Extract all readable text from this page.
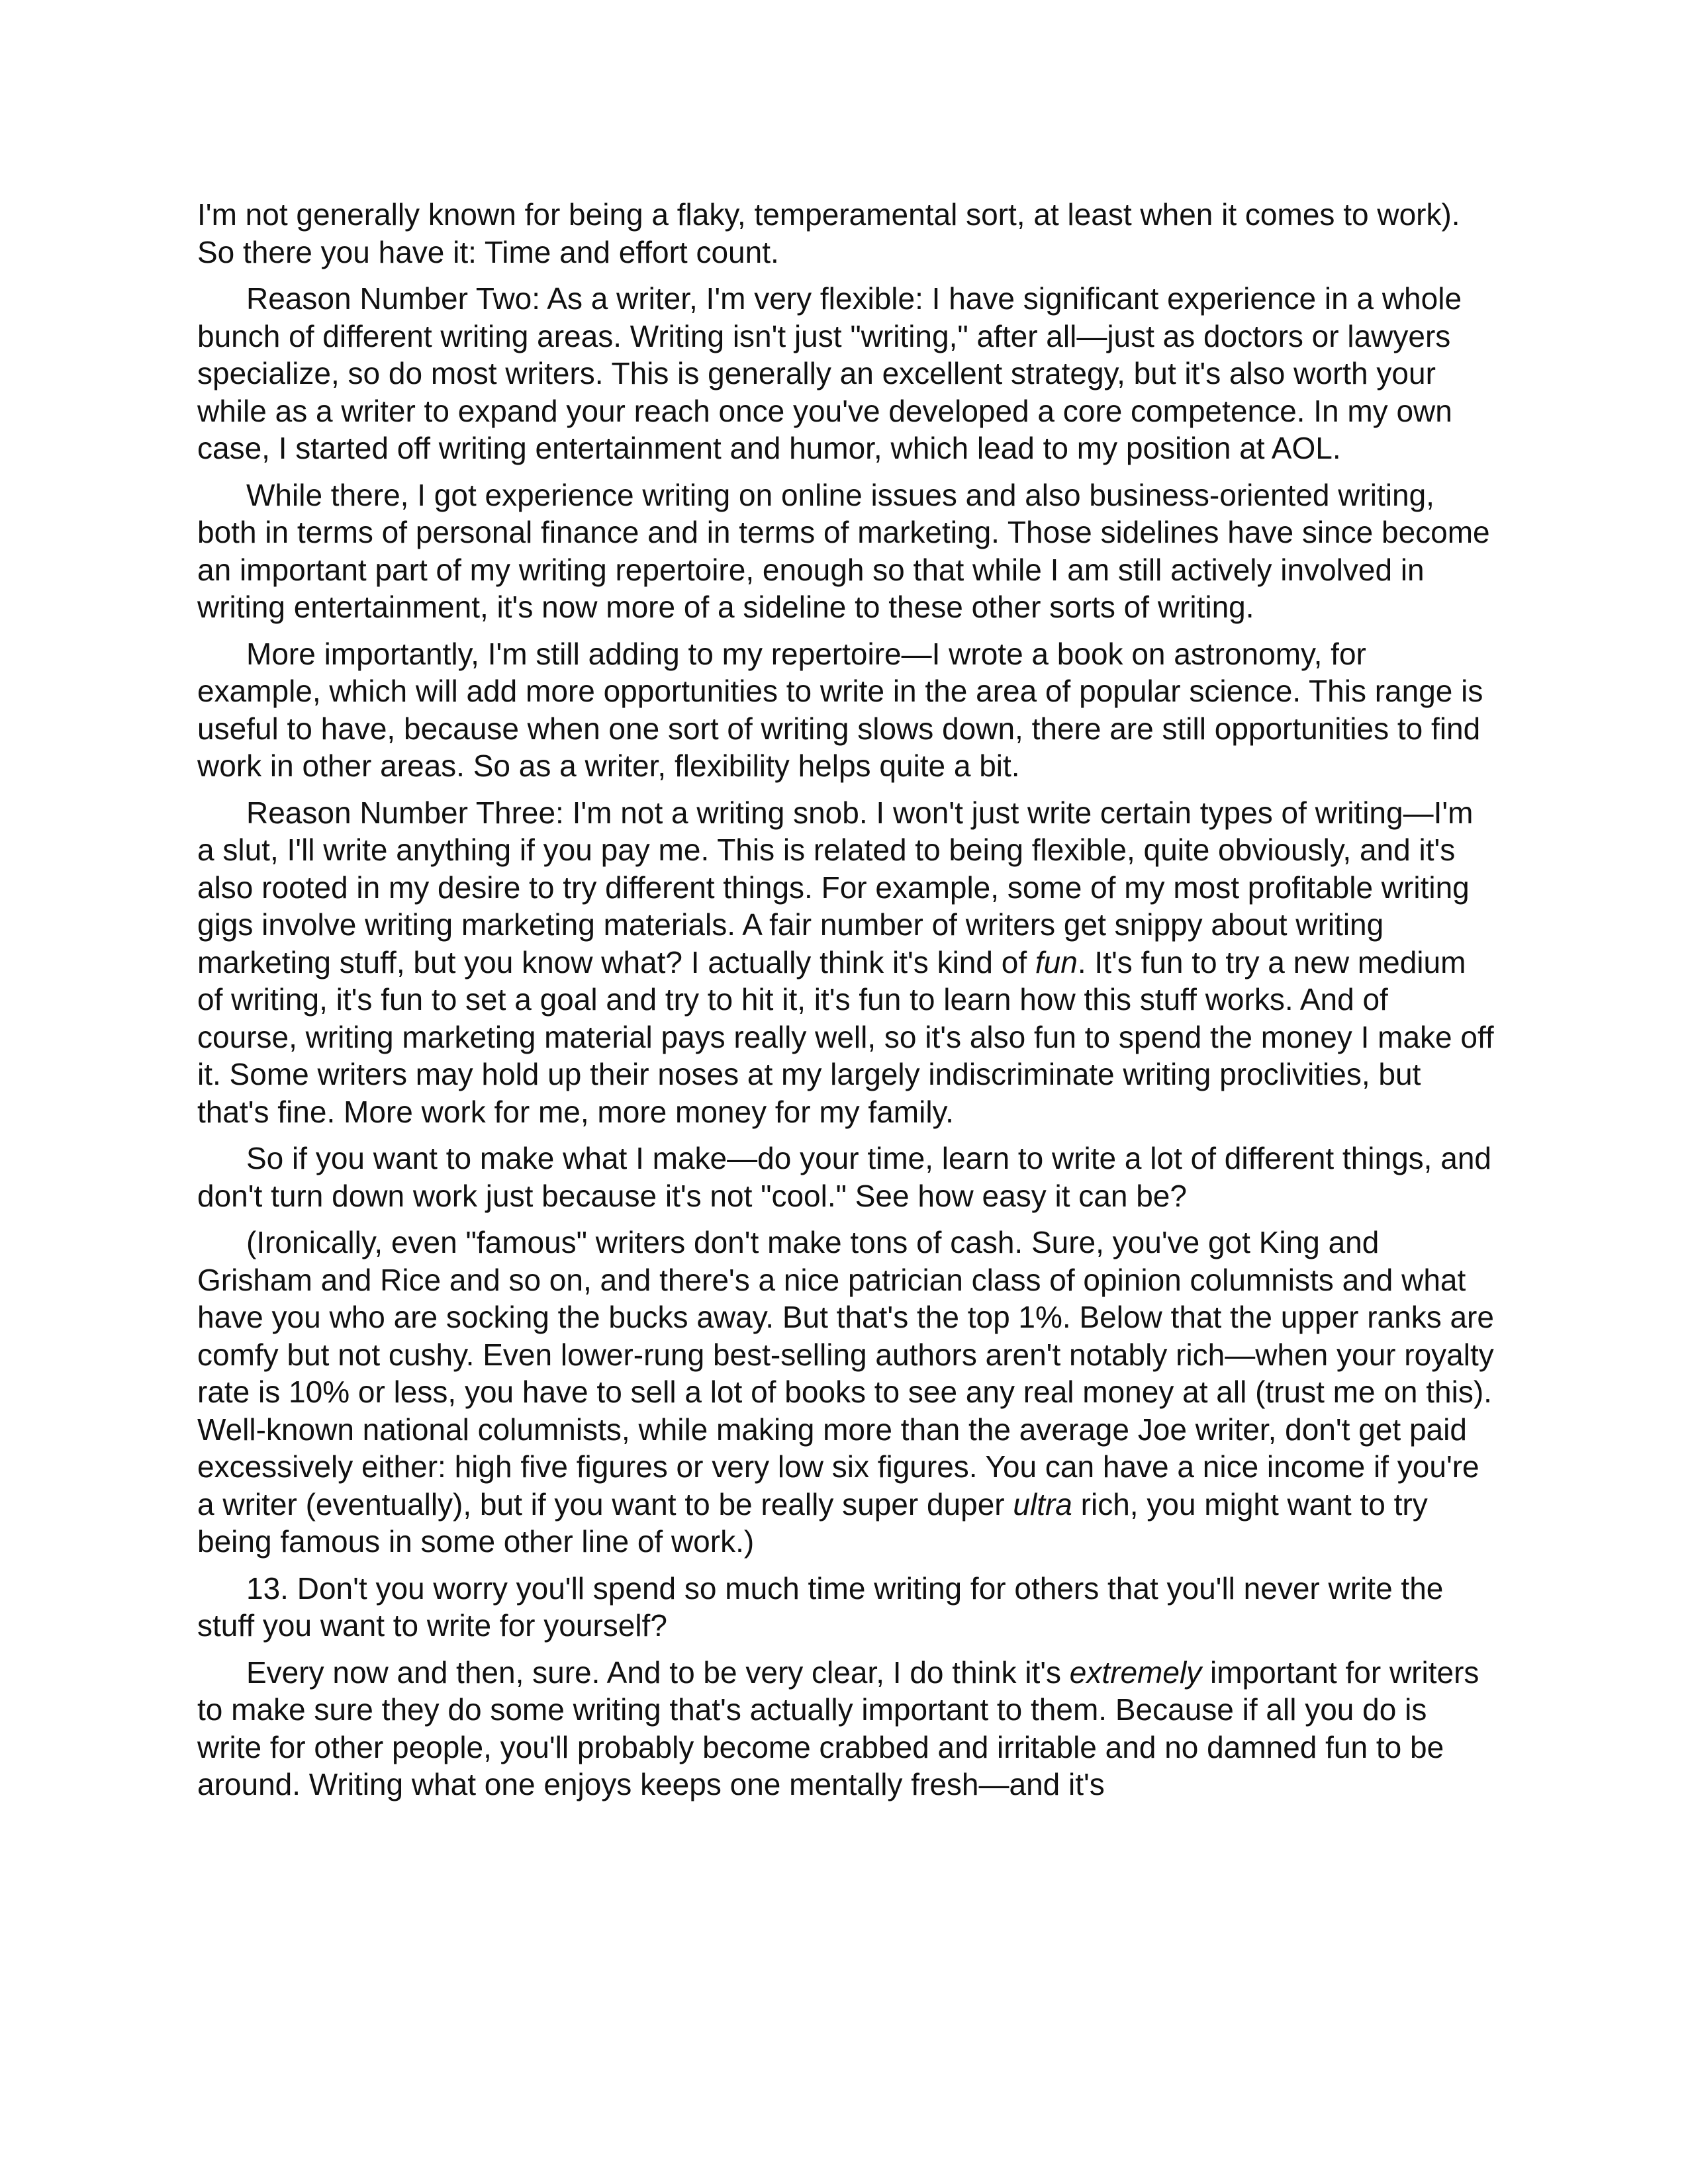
I'm not generally known for being a flaky, temperamental sort, at least when it comes to work). So there you have it: Time and effort count.

Reason Number Two: As a writer, I'm very flexible: I have significant experience in a whole bunch of different writing areas. Writing isn't just "writing," after all—just as doctors or lawyers specialize, so do most writers. This is generally an excellent strategy, but it's also worth your while as a writer to expand your reach once you've developed a core competence. In my own case, I started off writing entertainment and humor, which lead to my position at AOL.

While there, I got experience writing on online issues and also business-oriented writing, both in terms of personal finance and in terms of marketing. Those sidelines have since become an important part of my writing repertoire, enough so that while I am still actively involved in writing entertainment, it's now more of a sideline to these other sorts of writing.

More importantly, I'm still adding to my repertoire—I wrote a book on astronomy, for example, which will add more opportunities to write in the area of popular science. This range is useful to have, because when one sort of writing slows down, there are still opportunities to find work in other areas. So as a writer, flexibility helps quite a bit.

Reason Number Three: I'm not a writing snob. I won't just write certain types of writing—I'm a slut, I'll write anything if you pay me. This is related to being flexible, quite obviously, and it's also rooted in my desire to try different things. For example, some of my most profitable writing gigs involve writing marketing materials. A fair number of writers get snippy about writing marketing stuff, but you know what? I actually think it's kind of fun. It's fun to try a new medium of writing, it's fun to set a goal and try to hit it, it's fun to learn how this stuff works. And of course, writing marketing material pays really well, so it's also fun to spend the money I make off it. Some writers may hold up their noses at my largely indiscriminate writing proclivities, but that's fine. More work for me, more money for my family.

So if you want to make what I make—do your time, learn to write a lot of different things, and don't turn down work just because it's not "cool." See how easy it can be?

(Ironically, even "famous" writers don't make tons of cash. Sure, you've got King and Grisham and Rice and so on, and there's a nice patrician class of opinion columnists and what have you who are socking the bucks away. But that's the top 1%. Below that the upper ranks are comfy but not cushy. Even lower-rung best-selling authors aren't notably rich—when your royalty rate is 10% or less, you have to sell a lot of books to see any real money at all (trust me on this). Well-known national columnists, while making more than the average Joe writer, don't get paid excessively either: high five figures or very low six figures. You can have a nice income if you're a writer (eventually), but if you want to be really super duper ultra rich, you might want to try being famous in some other line of work.)

13. Don't you worry you'll spend so much time writing for others that you'll never write the stuff you want to write for yourself?

Every now and then, sure. And to be very clear, I do think it's extremely important for writers to make sure they do some writing that's actually important to them. Because if all you do is write for other people, you'll probably become crabbed and irritable and no damned fun to be around. Writing what one enjoys keeps one mentally fresh—and it's
